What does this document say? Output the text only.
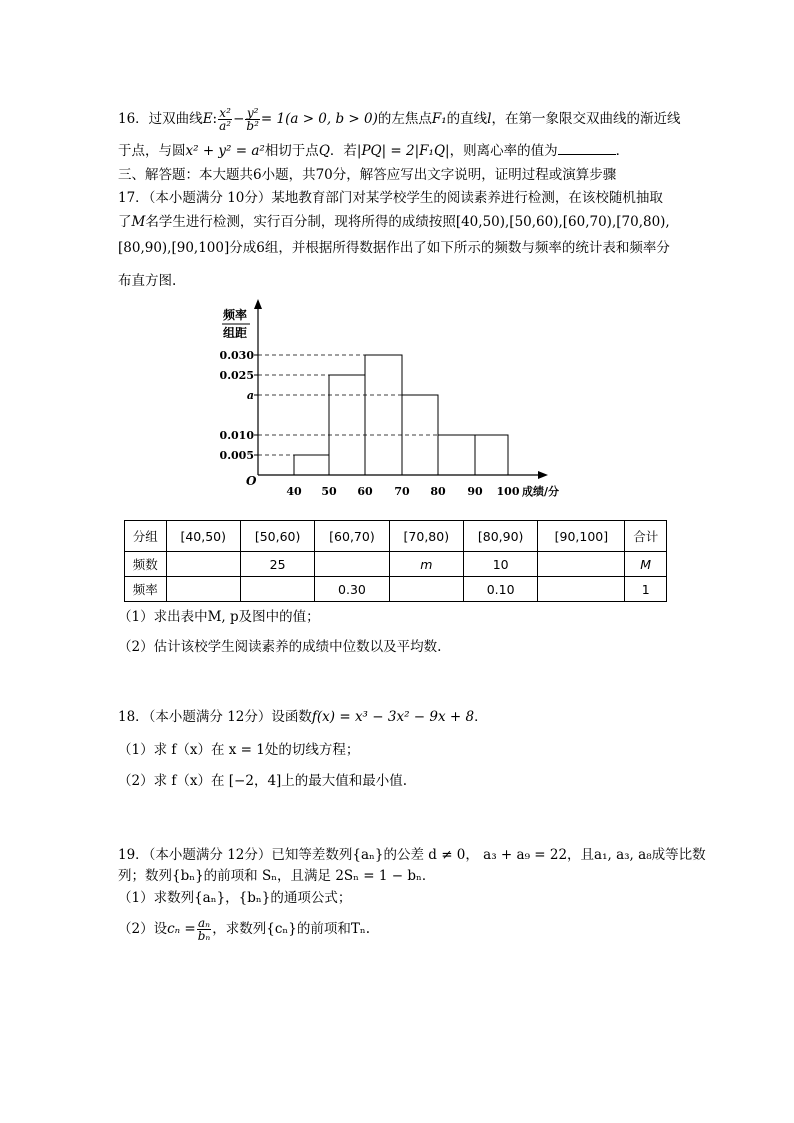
16．过双曲线E: $\frac{\text{x²}}{\text{a²}} - \frac{\text{y²}}{\text{b²}} = 1(a > 0$, b > 0)的左焦点F₁的直线l，在第一象限交双曲线的渐近线
于点，与圆x² + y² = a²相切于点Q．若|PQ| = 2|F₁Q|，则离心率的值为	．
三、解答题：本大题共6小题，共70分，解答应写出文字说明，证明过程或演算步骤
17．（本小题满分 10分）某地教育部门对某学校学生的阅读素养进行检测，在该校随机抽取
了M名学生进行检测，实行百分制，现将所得的成绩按照[40,50),[50,60),[60,70),[70,80),
[80,90),[90,100]分成6组，并根据所得数据作出了如下所示的频数与频率的统计表和频率分
布直方图.
0.005
0.010
a
0.025
0.030
40 50 60 70 80 90 100
O
成绩/分
频率
组距
分组	[40,50)	[50,60)	[60,70)	[70,80)	[80,90)	[90,100]	合计
频数		25		m	10		M
频率			0.30		0.10		1
（1）求出表中M, p及图中的值；
（2）估计该校学生阅读素养的成绩中位数以及平均数.
18．（本小题满分 12分）设函数f(x) = x³ − 3x² − 9x + 8．
（1）求 f（x）在 x = 1处的切线方程；
（2）求 f（x）在 [−2，4]上的最大值和最小值.
19．（本小题满分 12分）已知等差数列{aₙ}的公差 d ≠ 0， a₃ + a₉ = 22，且a₁, a₃, a₈成等比数
列；数列{bₙ}的前项和 Sₙ，且满足 2Sₙ = 1 − bₙ．
（1）求数列{aₙ}，{bₙ}的通项公式；
（2）设$c_n = \frac{\text{aₙ}}{\text{bₙ}}$ ，求数列{cₙ}的前项和Tₙ.
